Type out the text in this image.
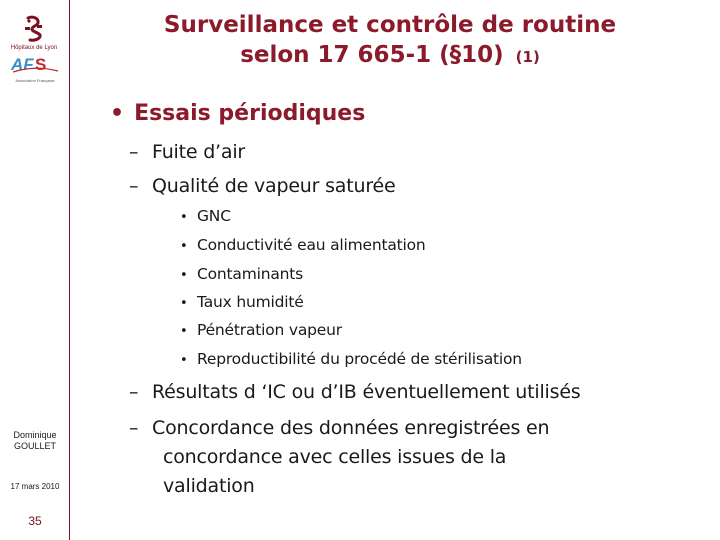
Hôpitaux de Lyon
AF S
Association Française
Dominique
GOULLET
17 mars 2010
35
Surveillance et contrôle de routine
selon 17 665-1 (§10) (1)
• Essais périodiques
– Fuite d’air
– Qualité de vapeur saturée
• GNC
• Conductivité eau alimentation
• Contaminants
• Taux humidité
• Pénétration vapeur
• Reproductibilité du procédé de stérilisation
– Résultats d ‘IC ou d’IB éventuellement utilisés
– Concordance des données enregistrées en
concordance avec celles issues de la
validation
